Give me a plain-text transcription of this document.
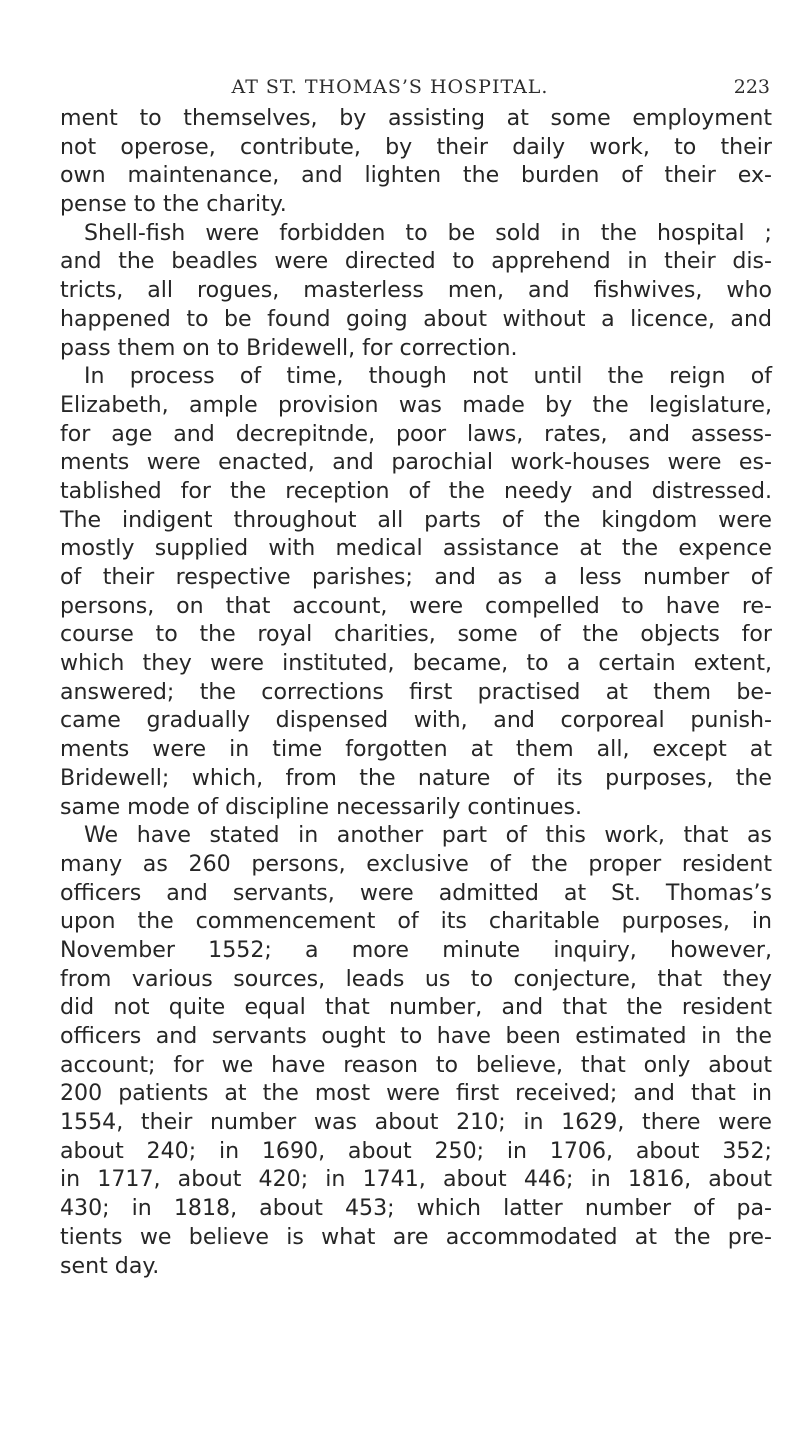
AT ST. THOMAS’S HOSPITAL.	223
ment to themselves, by assisting at some employment
not operose, contribute, by their daily work, to their
own maintenance, and lighten the burden of their ex-
pense to the charity.
Shell-fish were forbidden to be sold in the hospital ;
and the beadles were directed to apprehend in their dis-
tricts, all rogues, masterless men, and fishwives, who
happened to be found going about without a licence, and
pass them on to Bridewell, for correction.
In process of time, though not until the reign of
Elizabeth, ample provision was made by the legislature,
for age and decrepitnde, poor laws, rates, and assess-
ments were enacted, and parochial work-houses were es-
tablished for the reception of the needy and distressed.
The indigent throughout all parts of the kingdom were
mostly supplied with medical assistance at the expence
of their respective parishes; and as a less number of
persons, on that account, were compelled to have re-
course to the royal charities, some of the objects for
which they were instituted, became, to a certain extent,
answered; the corrections first practised at them be-
came gradually dispensed with, and corporeal punish-
ments were in time forgotten at them all, except at
Bridewell; which, from the nature of its purposes, the
same mode of discipline necessarily continues.
We have stated in another part of this work, that as
many as 260 persons, exclusive of the proper resident
officers and servants, were admitted at St. Thomas’s
upon the commencement of its charitable purposes, in
November 1552; a more minute inquiry, however,
from various sources, leads us to conjecture, that they
did not quite equal that number, and that the resident
officers and servants ought to have been estimated in the
account; for we have reason to believe, that only about
200 patients at the most were first received; and that in
1554, their number was about 210; in 1629, there were
about 240; in 1690, about 250; in 1706, about 352;
in 1717, about 420; in 1741, about 446; in 1816, about
430; in 1818, about 453; which latter number of pa-
tients we believe is what are accommodated at the pre-
sent day.
